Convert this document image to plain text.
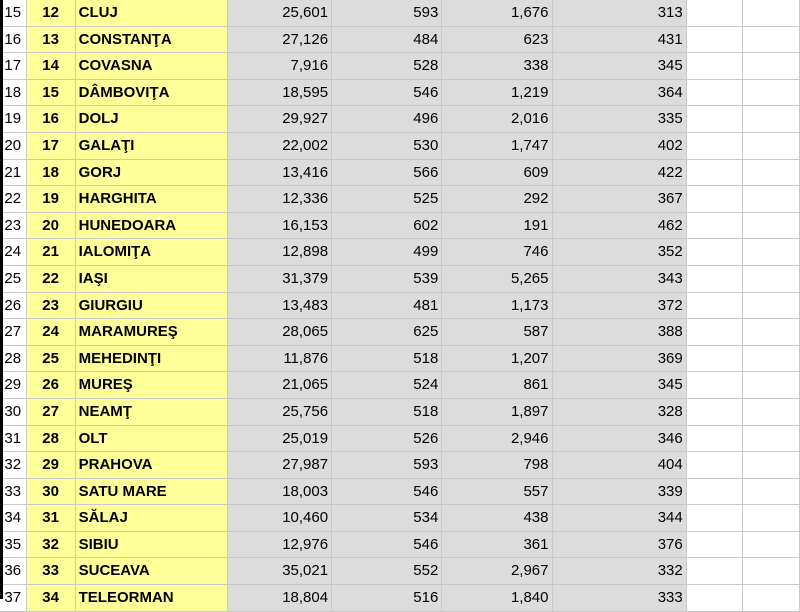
15	12	CLUJ	25,601	593	1,676	313		
16	13	CONSTANŢA	27,126	484	623	431		
17	14	COVASNA	7,916	528	338	345		
18	15	DÂMBOVIŢA	18,595	546	1,219	364		
19	16	DOLJ	29,927	496	2,016	335		
20	17	GALAŢI	22,002	530	1,747	402		
21	18	GORJ	13,416	566	609	422		
22	19	HARGHITA	12,336	525	292	367		
23	20	HUNEDOARA	16,153	602	191	462		
24	21	IALOMIŢA	12,898	499	746	352		
25	22	IAŞI	31,379	539	5,265	343		
26	23	GIURGIU	13,483	481	1,173	372		
27	24	MARAMUREŞ	28,065	625	587	388		
28	25	MEHEDINŢI	11,876	518	1,207	369		
29	26	MUREŞ	21,065	524	861	345		
30	27	NEAMŢ	25,756	518	1,897	328		
31	28	OLT	25,019	526	2,946	346		
32	29	PRAHOVA	27,987	593	798	404		
33	30	SATU MARE	18,003	546	557	339		
34	31	SĂLAJ	10,460	534	438	344		
35	32	SIBIU	12,976	546	361	376		
36	33	SUCEAVA	35,021	552	2,967	332		
37	34	TELEORMAN	18,804	516	1,840	333		
